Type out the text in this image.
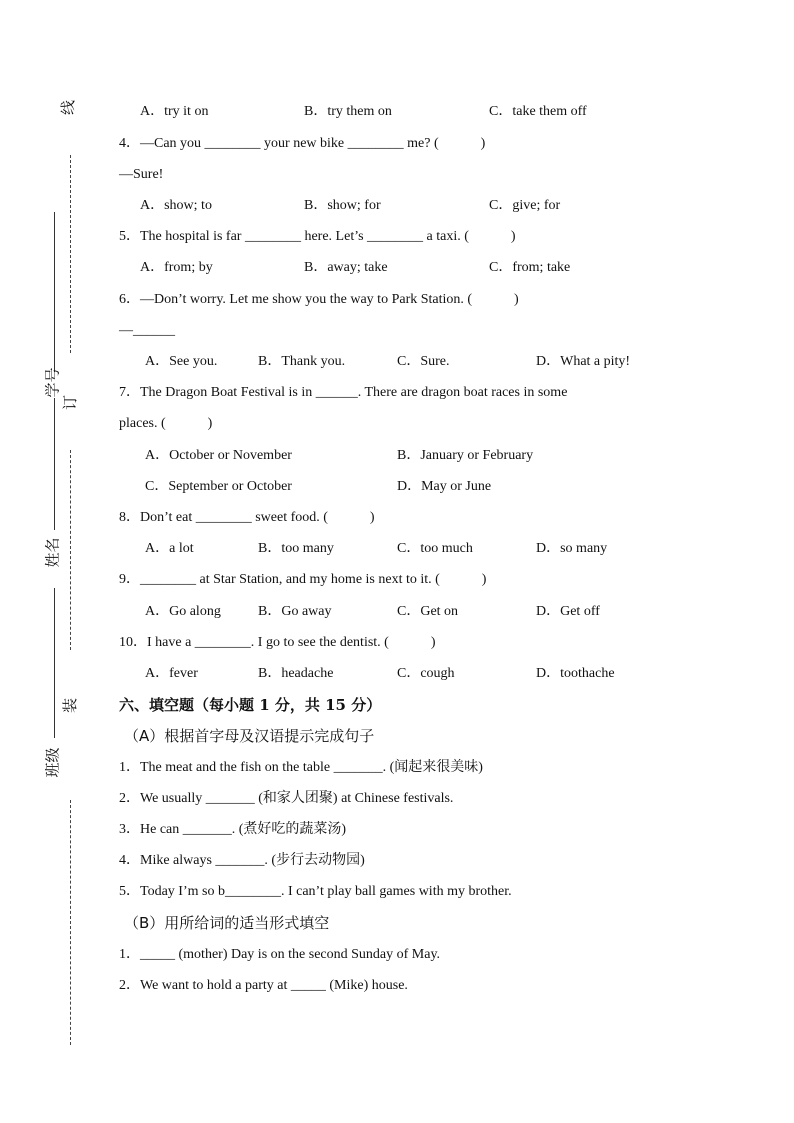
线
学号
订
姓名
装
班级
A．try it on	B．try them on	C．take them off
4．—Can you ________ your new bike ________ me? (　　　)
—Sure!
A．show; to	B．show; for	C．give; for
5．The hospital is far ________ here. Let’s ________ a taxi. (　　　)
A．from; by	B．away; take	C．from; take
6．—Don’t worry. Let me show you the way to Park Station. (　　　)
—______
A．See you.	B．Thank you.	C．Sure.	D．What a pity!
7．The Dragon Boat Festival is in ______. There are dragon boat races in some
places. (　　　)
A．October or November	B．January or February
C．September or October	D．May or June
8．Don’t eat ________ sweet food. (　　　)
A．a lot	B．too many	C．too much	D．so many
9．________ at Star Station, and my home is next to it. (　　　)
A．Go along	B．Go away	C．Get on	D．Get off
10．I have a ________. I go to see the dentist. (　　　)
A．fever	B．headache	C．cough	D．toothache
六、填空题（每小题 1 分，共 15 分）
（A）根据首字母及汉语提示完成句子
1．The meat and the fish on the table _______. (闻起来很美味)
2．We usually _______ (和家人团聚) at Chinese festivals.
3．He can _______. (煮好吃的蔬菜汤)
4．Mike always _______. (步行去动物园)
5．Today I’m so b________. I can’t play ball games with my brother.
（B）用所给词的适当形式填空
1．_____ (mother) Day is on the second Sunday of May.
2．We want to hold a party at _____ (Mike) house.
